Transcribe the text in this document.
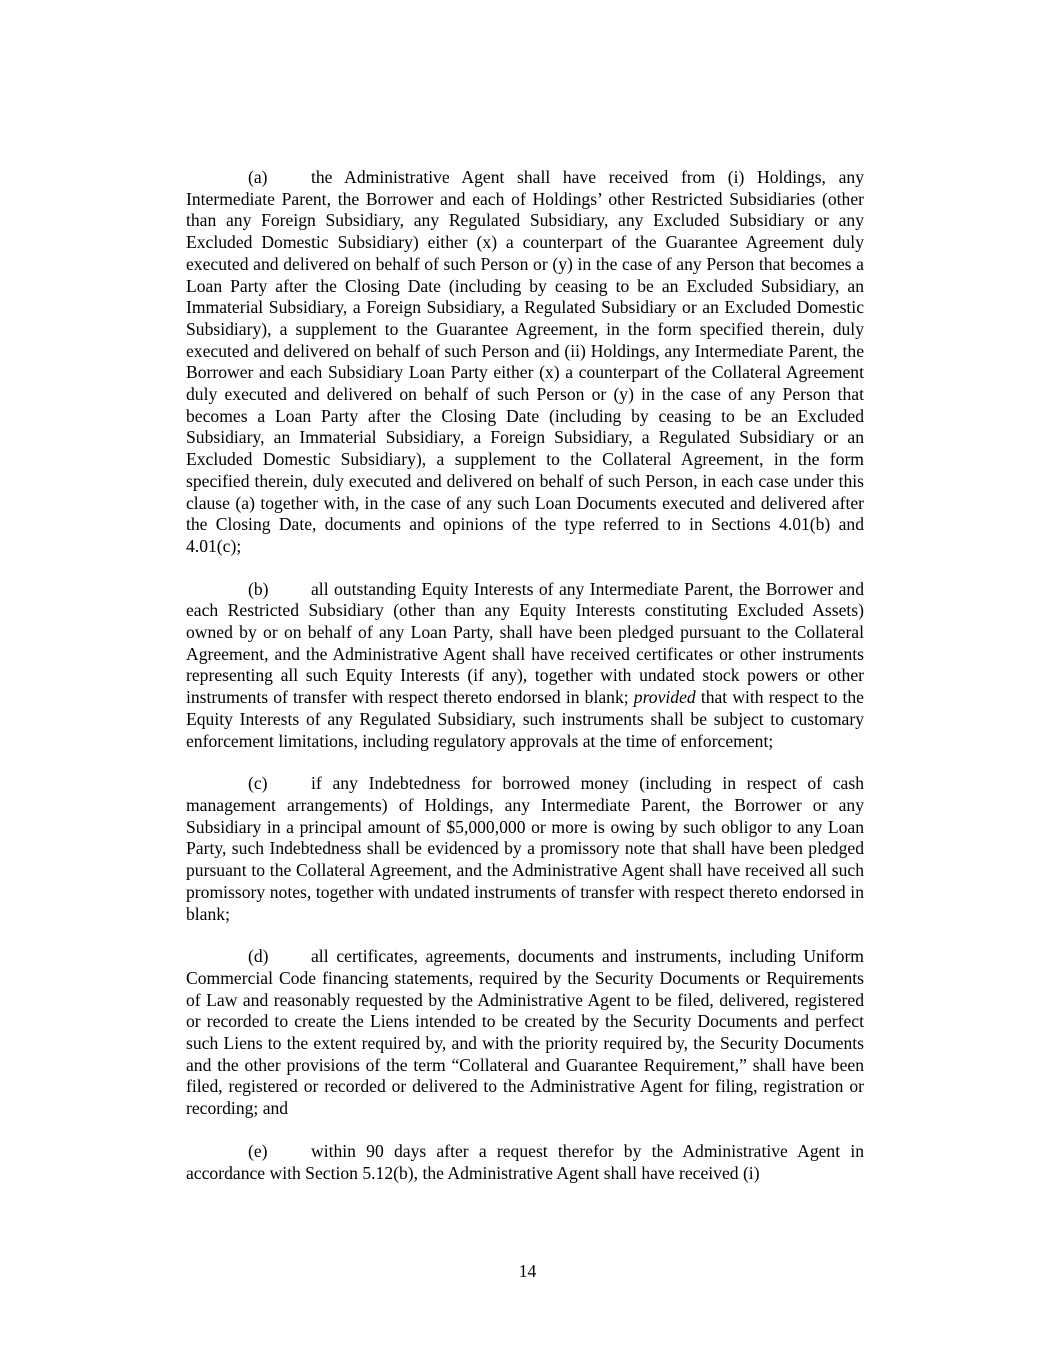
(a) the Administrative Agent shall have received from (i) Holdings, any Intermediate Parent, the Borrower and each of Holdings’ other Restricted Subsidiaries (other than any Foreign Subsidiary, any Regulated Subsidiary, any Excluded Subsidiary or any Excluded Domestic Subsidiary) either (x) a counterpart of the Guarantee Agreement duly executed and delivered on behalf of such Person or (y) in the case of any Person that becomes a Loan Party after the Closing Date (including by ceasing to be an Excluded Subsidiary, an Immaterial Subsidiary, a Foreign Subsidiary, a Regulated Subsidiary or an Excluded Domestic Subsidiary), a supplement to the Guarantee Agreement, in the form specified therein, duly executed and delivered on behalf of such Person and (ii) Holdings, any Intermediate Parent, the Borrower and each Subsidiary Loan Party either (x) a counterpart of the Collateral Agreement duly executed and delivered on behalf of such Person or (y) in the case of any Person that becomes a Loan Party after the Closing Date (including by ceasing to be an Excluded Subsidiary, an Immaterial Subsidiary, a Foreign Subsidiary, a Regulated Subsidiary or an Excluded Domestic Subsidiary), a supplement to the Collateral Agreement, in the form specified therein, duly executed and delivered on behalf of such Person, in each case under this clause (a) together with, in the case of any such Loan Documents executed and delivered after the Closing Date, documents and opinions of the type referred to in Sections 4.01(b) and 4.01(c);

(b) all outstanding Equity Interests of any Intermediate Parent, the Borrower and each Restricted Subsidiary (other than any Equity Interests constituting Excluded Assets) owned by or on behalf of any Loan Party, shall have been pledged pursuant to the Collateral Agreement, and the Administrative Agent shall have received certificates or other instruments representing all such Equity Interests (if any), together with undated stock powers or other instruments of transfer with respect thereto endorsed in blank; provided that with respect to the Equity Interests of any Regulated Subsidiary, such instruments shall be subject to customary enforcement limitations, including regulatory approvals at the time of enforcement;

(c) if any Indebtedness for borrowed money (including in respect of cash management arrangements) of Holdings, any Intermediate Parent, the Borrower or any Subsidiary in a principal amount of $5,000,000 or more is owing by such obligor to any Loan Party, such Indebtedness shall be evidenced by a promissory note that shall have been pledged pursuant to the Collateral Agreement, and the Administrative Agent shall have received all such promissory notes, together with undated instruments of transfer with respect thereto endorsed in blank;

(d) all certificates, agreements, documents and instruments, including Uniform Commercial Code financing statements, required by the Security Documents or Requirements of Law and reasonably requested by the Administrative Agent to be filed, delivered, registered or recorded to create the Liens intended to be created by the Security Documents and perfect such Liens to the extent required by, and with the priority required by, the Security Documents and the other provisions of the term “Collateral and Guarantee Requirement,” shall have been filed, registered or recorded or delivered to the Administrative Agent for filing, registration or recording; and

(e) within 90 days after a request therefor by the Administrative Agent in accordance with Section 5.12(b), the Administrative Agent shall have received (i)

14
